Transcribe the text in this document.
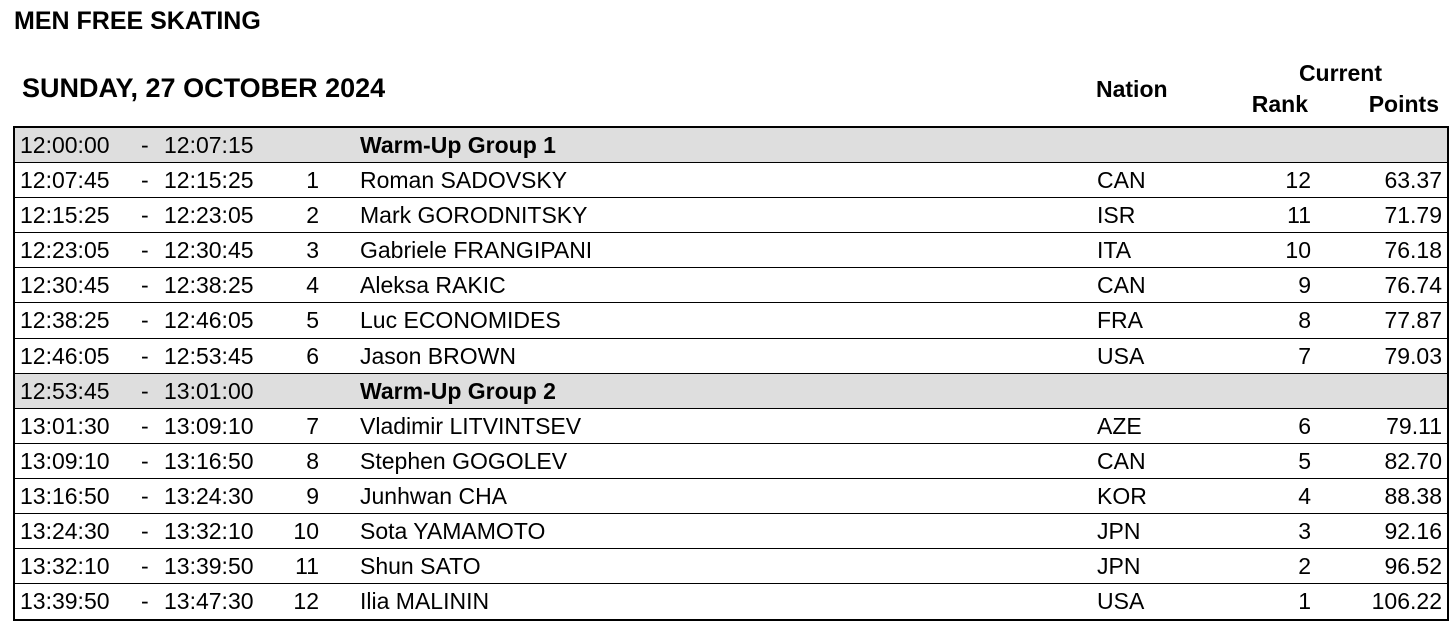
MEN FREE SKATING
SUNDAY, 27 OCTOBER 2024	Nation
Current
Rank	Points
12:00:00 - 12:07:15	Warm-Up Group 1
12:07:45 - 12:15:25 1 Roman SADOVSKY	CAN	12	63.37
12:15:25 - 12:23:05 2 Mark GORODNITSKY	ISR	11	71.79
12:23:05 - 12:30:45 3 Gabriele FRANGIPANI	ITA	10	76.18
12:30:45 - 12:38:25 4 Aleksa RAKIC	CAN	9	76.74
12:38:25 - 12:46:05 5 Luc ECONOMIDES	FRA	8	77.87
12:46:05 - 12:53:45 6 Jason BROWN	USA	7	79.03
12:53:45 - 13:01:00	Warm-Up Group 2
13:01:30 - 13:09:10 7 Vladimir LITVINTSEV	AZE	6	79.11
13:09:10 - 13:16:50 8 Stephen GOGOLEV	CAN	5	82.70
13:16:50 - 13:24:30 9 Junhwan CHA	KOR	4	88.38
13:24:30 - 13:32:10 10 Sota YAMAMOTO	JPN	3	92.16
13:32:10 - 13:39:50 11 Shun SATO	JPN	2	96.52
13:39:50 - 13:47:30 12 Ilia MALININ	USA	1	106.22
